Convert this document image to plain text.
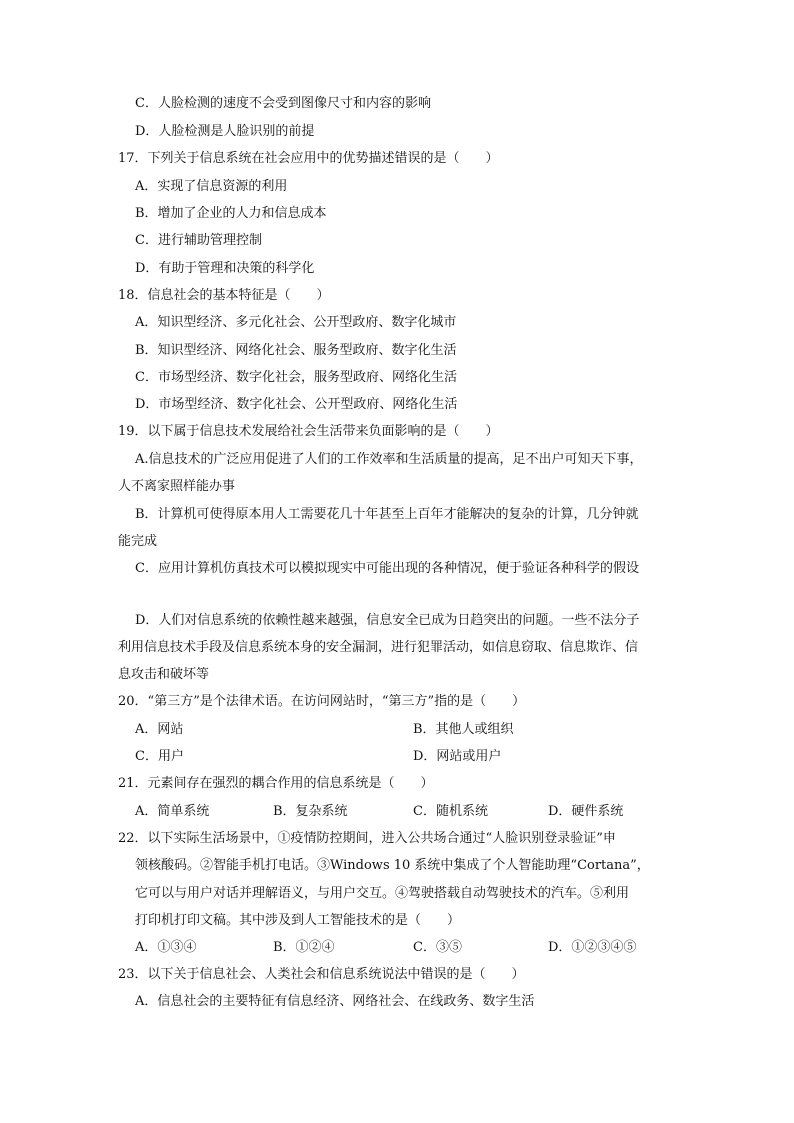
C．人脸检测的速度不会受到图像尺寸和内容的影响
D．人脸检测是人脸识别的前提
17．下列关于信息系统在社会应用中的优势描述错误的是（　　）
A．实现了信息资源的利用
B．增加了企业的人力和信息成本
C．进行辅助管理控制
D．有助于管理和决策的科学化
18．信息社会的基本特征是（　　）
A．知识型经济、多元化社会、公开型政府、数字化城市
B．知识型经济、网络化社会、服务型政府、数字化生活
C．市场型经济、数字化社会，服务型政府、网络化生活
D．市场型经济、数字化社会、公开型政府、网络化生活
19．以下属于信息技术发展给社会生活带来负面影响的是（　　）
A.信息技术的广泛应用促进了人们的工作效率和生活质量的提高，足不出户可知天下事，
人不离家照样能办事
B．计算机可使得原本用人工需要花几十年甚至上百年才能解决的复杂的计算，几分钟就
能完成
C．应用计算机仿真技术可以模拟现实中可能出现的各种情况，便于验证各种科学的假设
D．人们对信息系统的依赖性越来越强，信息安全已成为日趋突出的问题。一些不法分子
利用信息技术手段及信息系统本身的安全漏洞，进行犯罪活动，如信息窃取、信息欺诈、信
息攻击和破坏等
20．“第三方”是个法律术语。在访问网站时，“第三方”指的是（　　）
A．网站	B．其他人或组织
C．用户	D．网站或用户
21．元素间存在强烈的耦合作用的信息系统是（　　）
A．简单系统	B．复杂系统	C．随机系统	D．硬件系统
22．以下实际生活场景中，①疫情防控期间，进入公共场合通过“人脸识别登录验证”申
领核酸码。②智能手机打电话。③Windows 10 系统中集成了个人智能助理“Cortana”，
它可以与用户对话并理解语义，与用户交互。④驾驶搭载自动驾驶技术的汽车。⑤利用
打印机打印文稿。其中涉及到人工智能技术的是（　　）
A．①③④	B．①②④	C．③⑤	D．①②③④⑤
23．以下关于信息社会、人类社会和信息系统说法中错误的是（　　）
A．信息社会的主要特征有信息经济、网络社会、在线政务、数字生活
